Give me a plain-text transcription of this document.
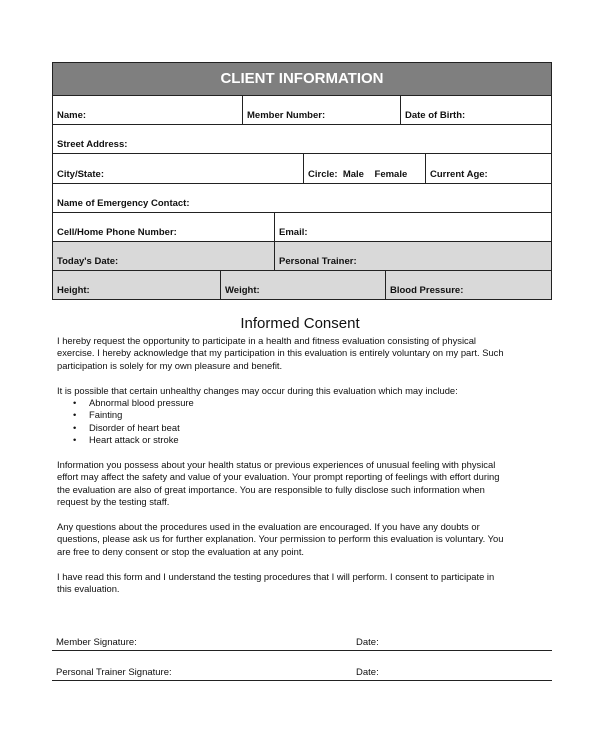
CLIENT INFORMATION
Name:	Member Number:	Date of Birth:
Street Address:
City/State:	Circle:  Male    Female Current Age:
Name of Emergency Contact:
Cell/Home Phone Number:	Email:
Today's Date:	Personal Trainer:
Height:	Weight:	Blood Pressure:
Informed Consent

I hereby request the opportunity to participate in a health and fitness evaluation consisting of physical
exercise. I hereby acknowledge that my participation in this evaluation is entirely voluntary on my part. Such
participation is solely for my own pleasure and benefit.

It is possible that certain unhealthy changes may occur during this evaluation which may include:
• Abnormal blood pressure
• Fainting
• Disorder of heart beat
• Heart attack or stroke

Information you possess about your health status or previous experiences of unusual feeling with physical
effort may affect the safety and value of your evaluation. Your prompt reporting of feelings with effort during
the evaluation are also of great importance. You are responsible to fully disclose such information when
request by the testing staff.

Any questions about the procedures used in the evaluation are encouraged. If you have any doubts or
questions, please ask us for further explanation. Your permission to perform this evaluation is voluntary. You
are free to deny consent or stop the evaluation at any point.

I have read this form and I understand the testing procedures that I will perform. I consent to participate in
this evaluation.

Member Signature:	Date:
Personal Trainer Signature:	Date:
